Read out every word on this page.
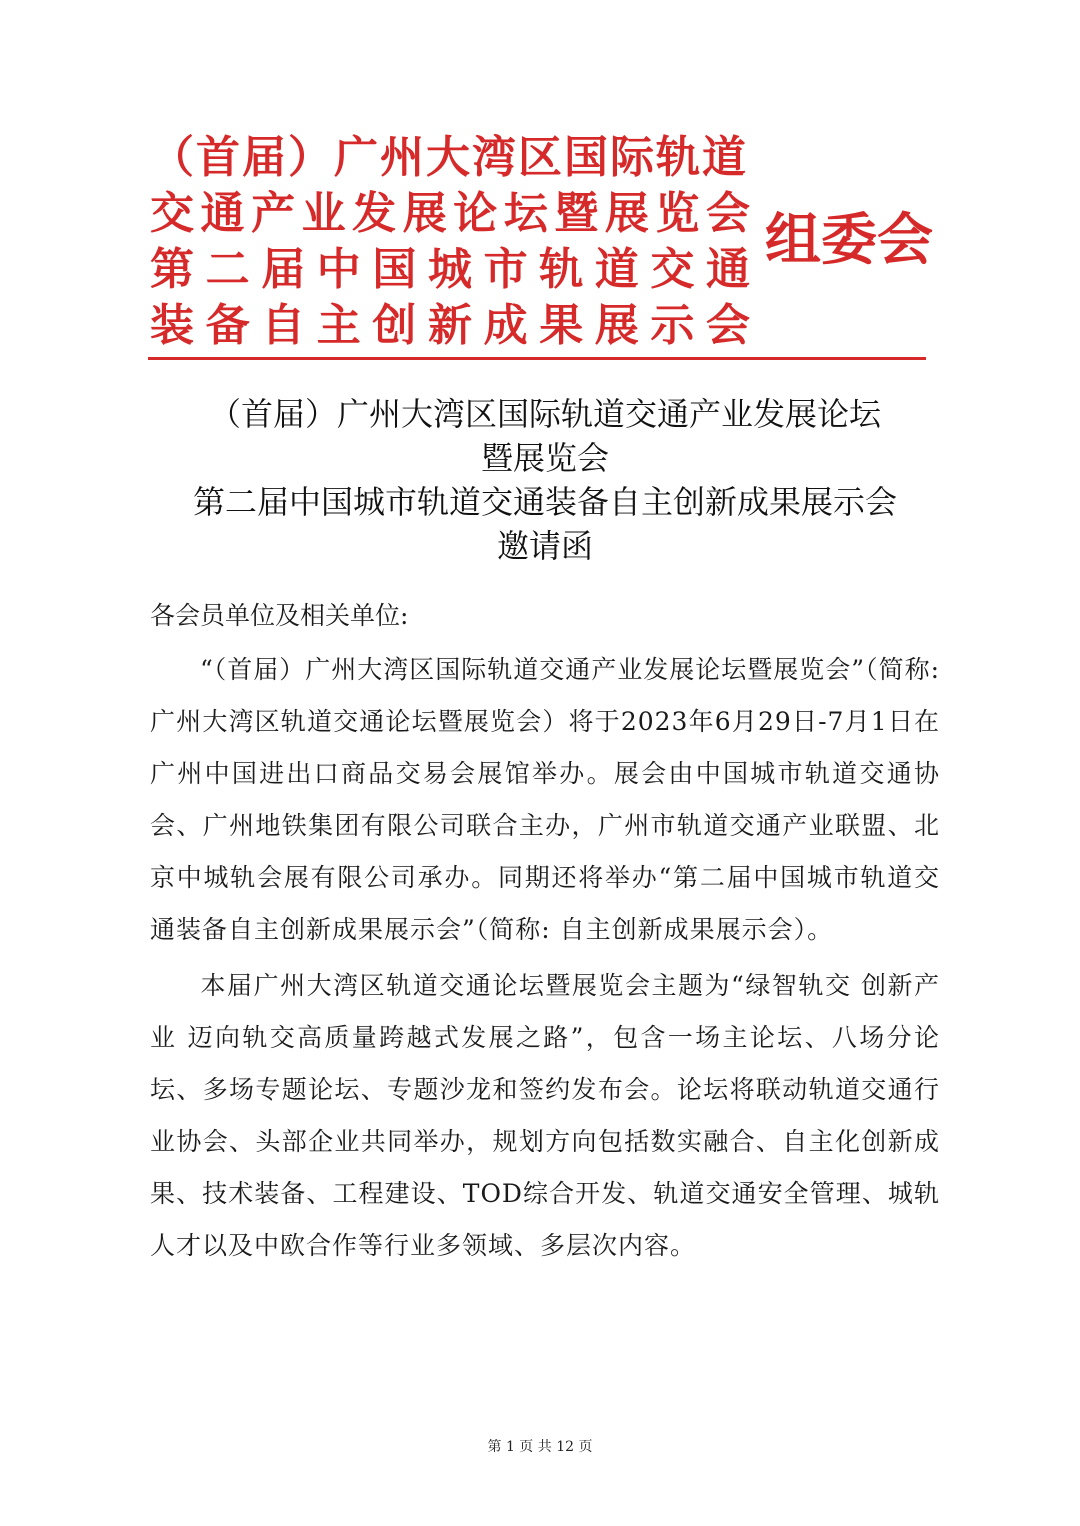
（首届）广州大湾区国际轨道
交通产业发展论坛暨展览会
第二届中国城市轨道交通
装备自主创新成果展示会
组委会
（首届）广州大湾区国际轨道交通产业发展论坛
暨展览会
第二届中国城市轨道交通装备自主创新成果展示会
邀请函
各会员单位及相关单位:

“（首届）广州大湾区国际轨道交通产业发展论坛暨展览会”（简称: 广州大湾区轨道交通论坛暨展览会）将于2023年6月29日-7月1日在广州中国进出口商品交易会展馆举办。展会由中国城市轨道交通协会、广州地铁集团有限公司联合主办，广州市轨道交通产业联盟、北京中城轨会展有限公司承办。同期还将举办“第二届中国城市轨道交通装备自主创新成果展示会”（简称: 自主创新成果展示会）。

本届广州大湾区轨道交通论坛暨展览会主题为“绿智轨交 创新产业 迈向轨交高质量跨越式发展之路”，包含一场主论坛、八场分论坛、多场专题论坛、专题沙龙和签约发布会。论坛将联动轨道交通行业协会、头部企业共同举办，规划方向包括数实融合、自主化创新成果、技术装备、工程建设、TOD综合开发、轨道交通安全管理、城轨人才以及中欧合作等行业多领域、多层次内容。

第 1 页 共 12 页
